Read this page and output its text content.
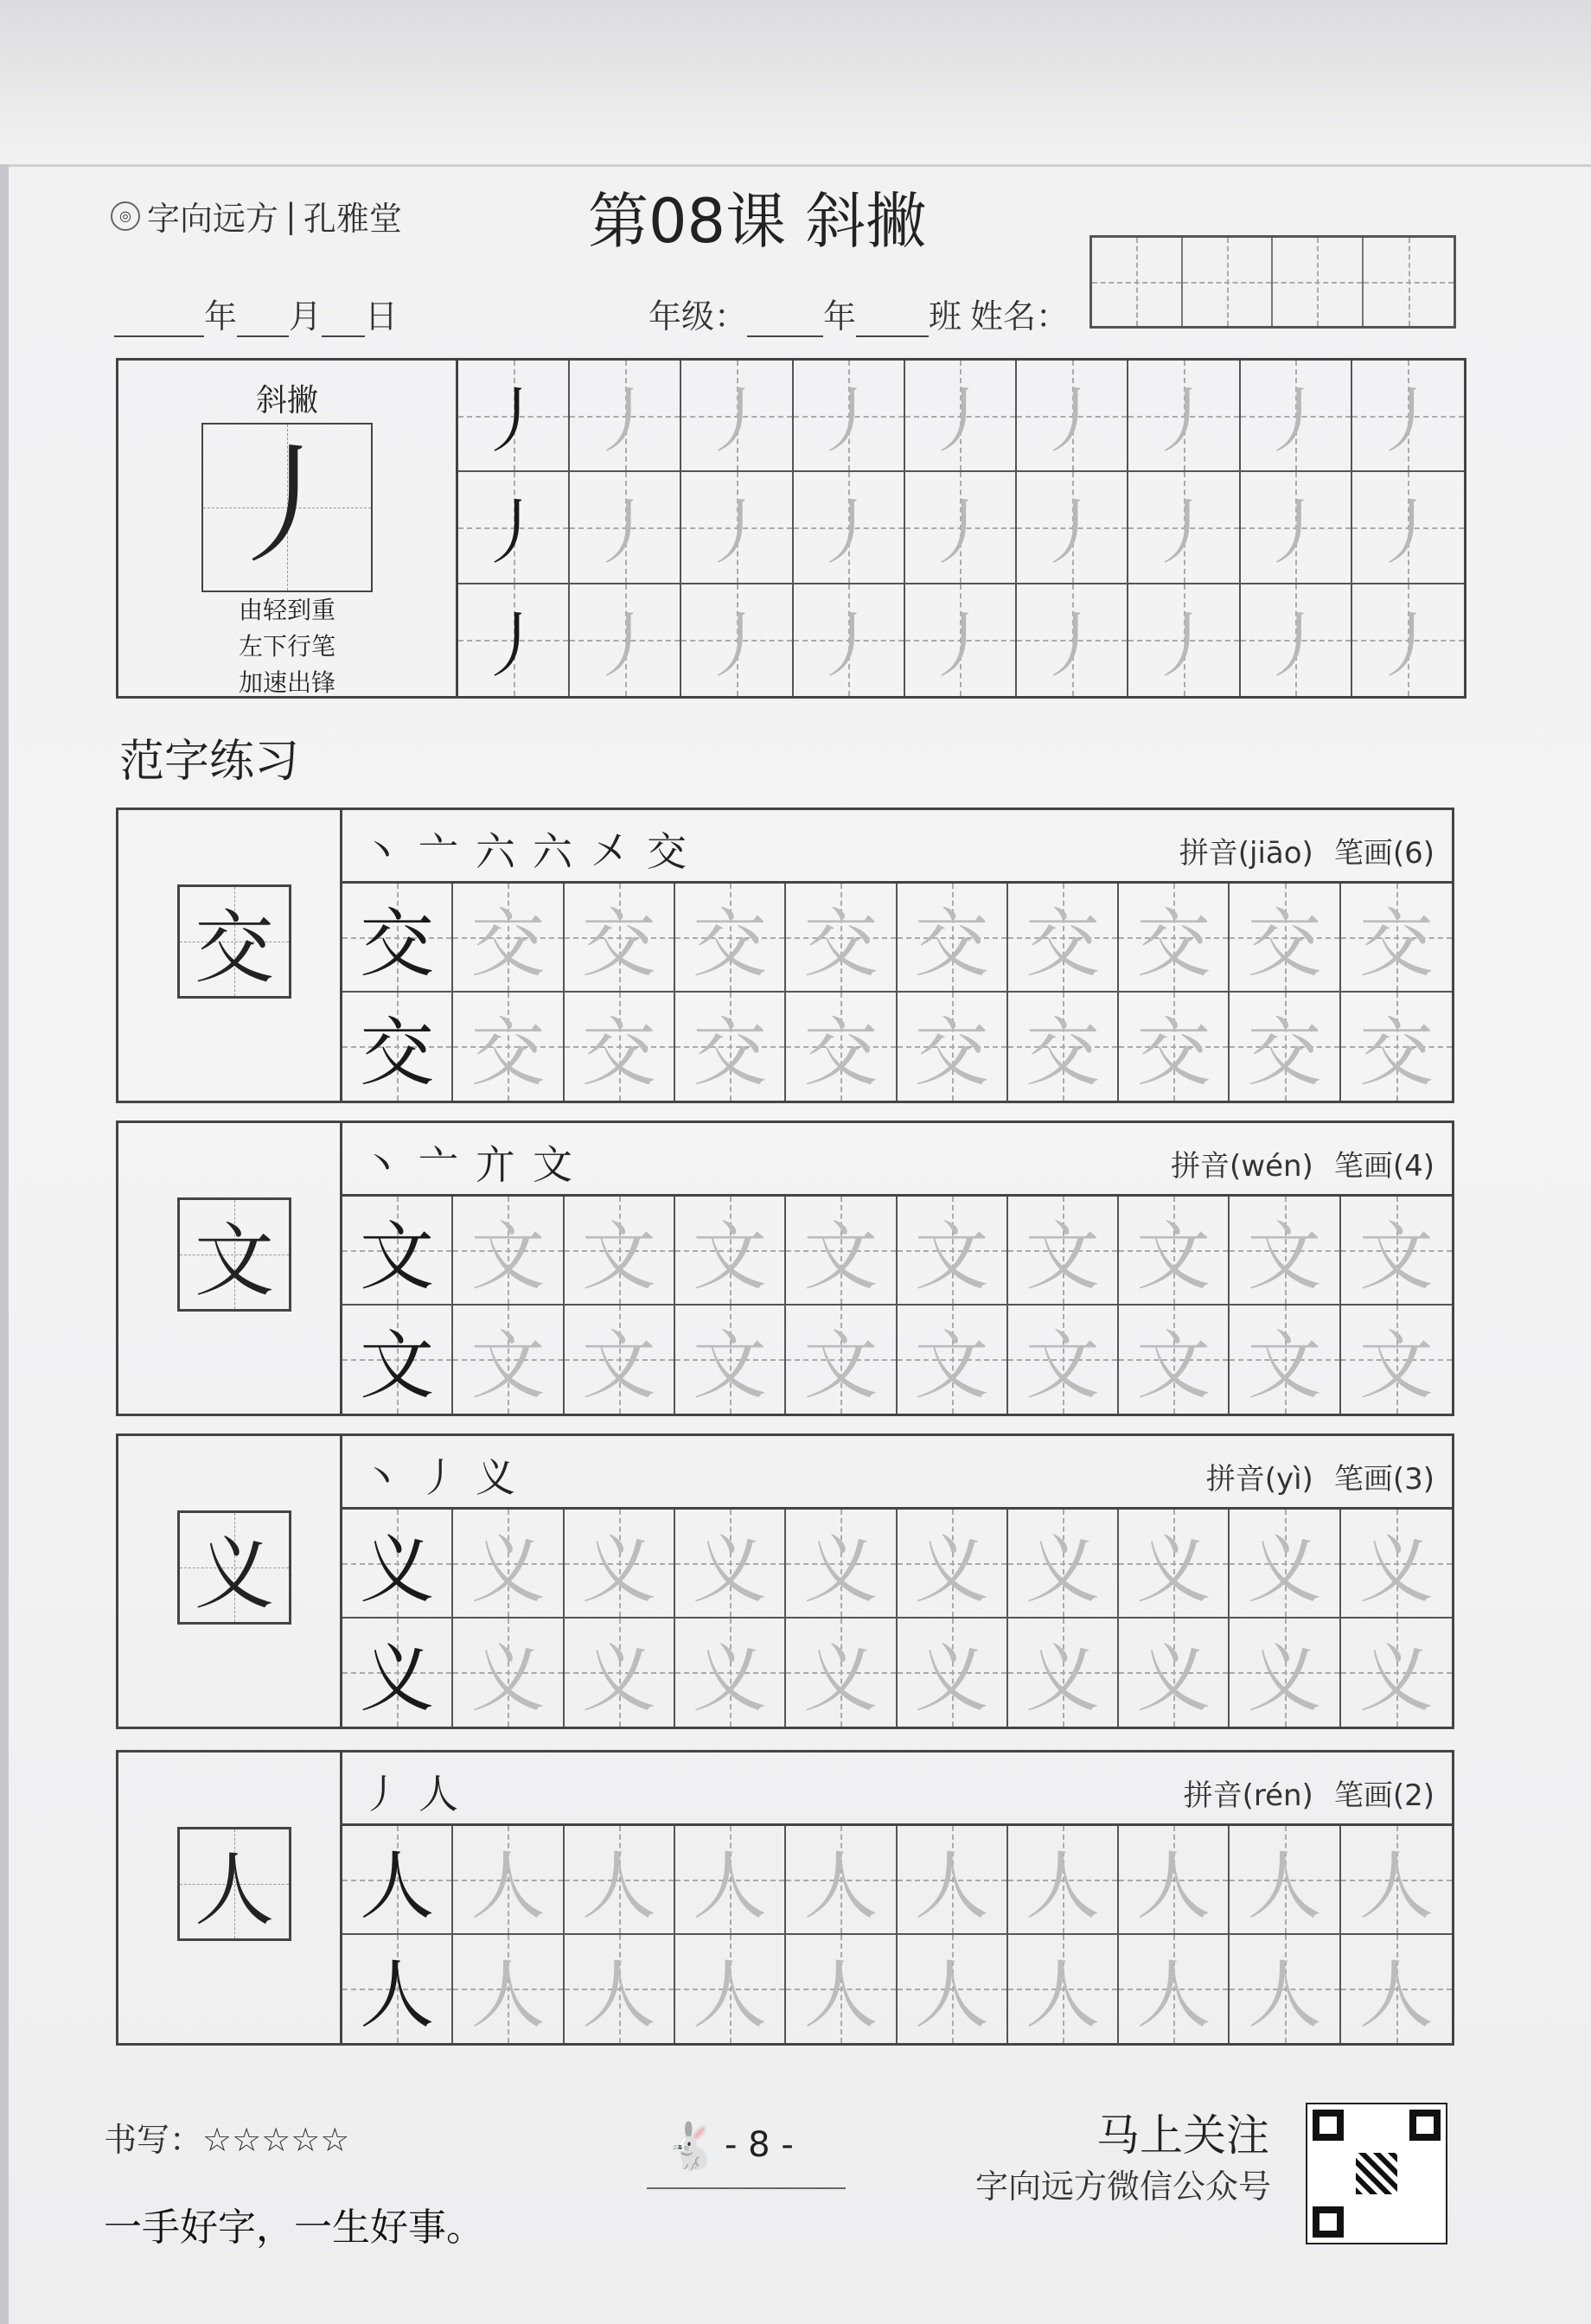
◎ 字向远方 | 孔雅堂	第08课 斜撇
年 月 日	年级： 年 班 姓名：
斜撇
丿
由轻到重
左下行笔
加速出锋
丿 丿 丿 丿 丿 丿 丿 丿 丿
丿 丿 丿 丿 丿 丿 丿 丿 丿
丿 丿 丿 丿 丿 丿 丿 丿 丿
范字练习
交
丶亠六六㐅交	拼音(jiāo) 笔画(6)
交 交 交 交 交 交 交 交 交 交
交 交 交 交 交 交 交 交 交 交
文
丶亠亣文	拼音(wén) 笔画(4)
文 文 文 文 文 文 文 文 文 文
文 文 文 文 文 文 文 文 文 文
义
丶丿义	拼音(yì) 笔画(3)
义 义 义 义 义 义 义 义 义 义
义 义 义 义 义 义 义 义 义 义
人
丿人	拼音(rén) 笔画(2)
人 人 人 人 人 人 人 人 人 人
人 人 人 人 人 人 人 人 人 人
书写：☆☆☆☆☆
一手好字，一生好事。
🐇 - 8 -	马上关注
字向远方微信公众号
